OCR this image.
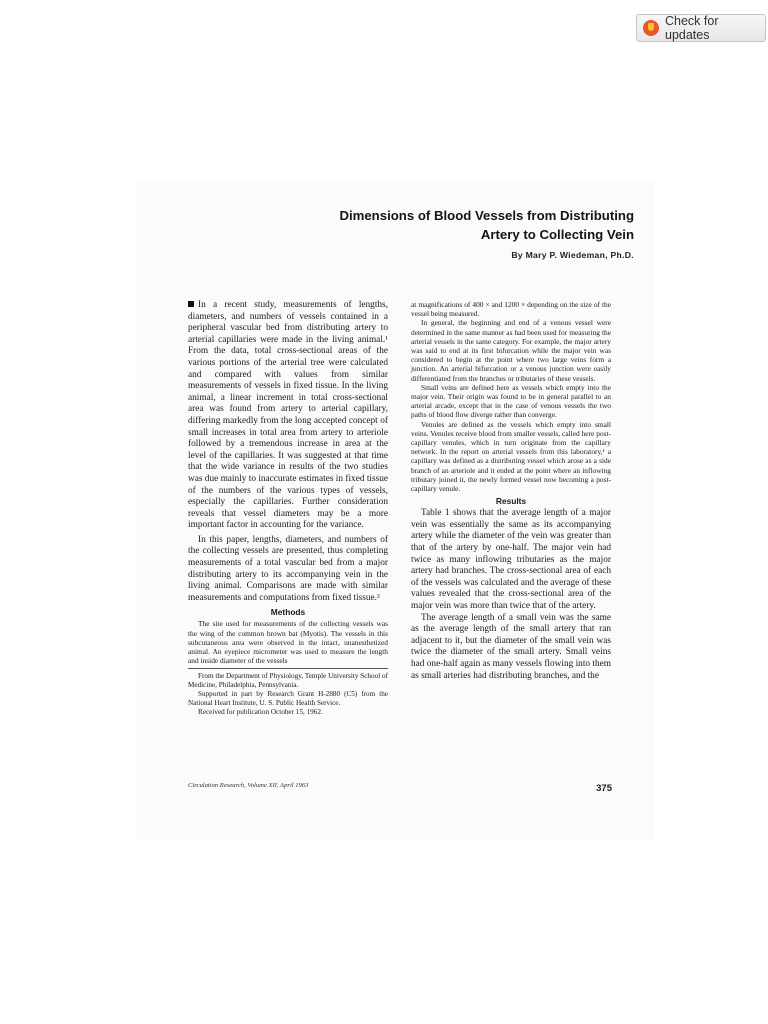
Check for updates
Dimensions of Blood Vessels from Distributing
Artery to Collecting Vein
By Mary P. Wiedeman, Ph.D.

In a recent study, measurements of lengths, diameters, and numbers of vessels contained in a peripheral vascular bed from distributing artery to arterial capillaries were made in the living animal.¹ From the data, total cross-sectional areas of the various portions of the arterial tree were calculated and compared with values from similar measurements of vessels in fixed tissue. In the living animal, a linear increment in total cross-sectional area was found from artery to arterial capillary, differing markedly from the long accepted concept of small increases in total area from artery to arteriole followed by a tremendous increase in area at the level of the capillaries. It was suggested at that time that the wide variance in results of the two studies was due mainly to inaccurate estimates in fixed tissue of the numbers of the various types of vessels, especially the capillaries. Further consideration reveals that vessel diameters may be a more important factor in accounting for the variance.

In this paper, lengths, diameters, and numbers of the collecting vessels are presented, thus completing measurements of a total vascular bed from a major distributing artery to its accompanying vein in the living animal. Comparisons are made with similar measurements and computations from fixed tissue.²

Methods

The site used for measurements of the collecting vessels was the wing of the common brown bat (Myotis). The vessels in this subcutaneous area were observed in the intact, unanesthetized animal. An eyepiece micrometer was used to measure the length and inside diameter of the vessels

From the Department of Physiology, Temple University School of Medicine, Philadelphia, Pennsylvania.

Supported in part by Research Grant H-2880 (C5) from the National Heart Institute, U. S. Public Health Service.

Received for publication October 15, 1962.

at magnifications of 400 × and 1200 × depending on the size of the vessel being measured.

In general, the beginning and end of a venous vessel were determined in the same manner as had been used for measuring the arterial vessels in the same category. For example, the major artery was said to end at its first bifurcation while the major vein was considered to begin at the point where two large veins form a junction. An arterial bifurcation or a venous junction were easily differentiated from the branches or tributaries of these vessels.

Small veins are defined here as vessels which empty into the major vein. Their origin was found to be in general parallel to an arterial arcade, except that in the case of venous vessels the two paths of blood flow diverge rather than converge.

Venules are defined as the vessels which empty into small veins. Venules receive blood from smaller vessels, called here post-capillary venules, which in turn originate from the capillary network. In the report on arterial vessels from this laboratory,¹ a capillary was defined as a distributing vessel which arose as a side branch of an arteriole and it ended at the point where an inflowing tributary joined it, the newly formed vessel now becoming a post-capillary venule.

Results

Table 1 shows that the average length of a major vein was essentially the same as its accompanying artery while the diameter of the vein was greater than that of the artery by one-half. The major vein had twice as many inflowing tributaries as the major artery had branches. The cross-sectional area of each of the vessels was calculated and the average of these values revealed that the cross-sectional area of the major vein was more than twice that of the artery.

The average length of a small vein was the same as the average length of the small artery that ran adjacent to it, but the diameter of the small vein was twice the diameter of the small artery. Small veins had one-half again as many vessels flowing into them as small arteries had distributing branches, and the

Circulation Research, Volume XII, April 1963	375
